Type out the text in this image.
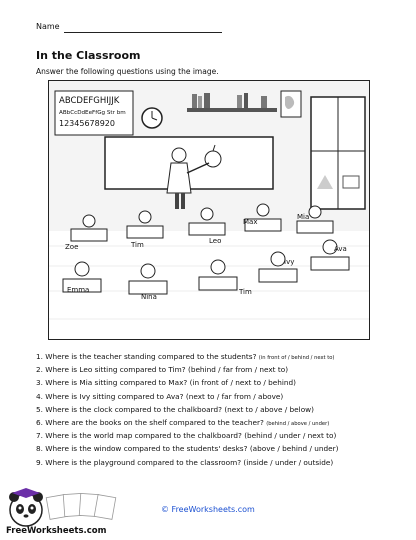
Name
In the Classroom
Answer the following questions using the image.
ABCDEFGHIJJK
ABbCcDdEeFfGg Str bm
12345678920
Zoe	Tim	Leo
Max
Mia
Ava
Ivy
Emma
Nina
Tim
1. Where is the teacher standing compared to the students? (in front of / behind / next to)
2. Where is Leo sitting compared to Tim? (behind / far from / next to)
3. Where is Mia sitting compared to Max? (in front of / next to / behind)
4. Where is Ivy sitting compared to Ava? (next to / far from / above)
5. Where is the clock compared to the chalkboard? (next to / above / below)
6. Where are the books on the shelf compared to the teacher? (behind / above / under)
7. Where is the world map compared to the chalkboard? (behind / under / next to)
8. Where is the window compared to the students' desks? (above / behind / under)
9. Where is the playground compared to the classroom? (inside / under / outside)
FreeWorksheets.com
© FreeWorksheets.com
